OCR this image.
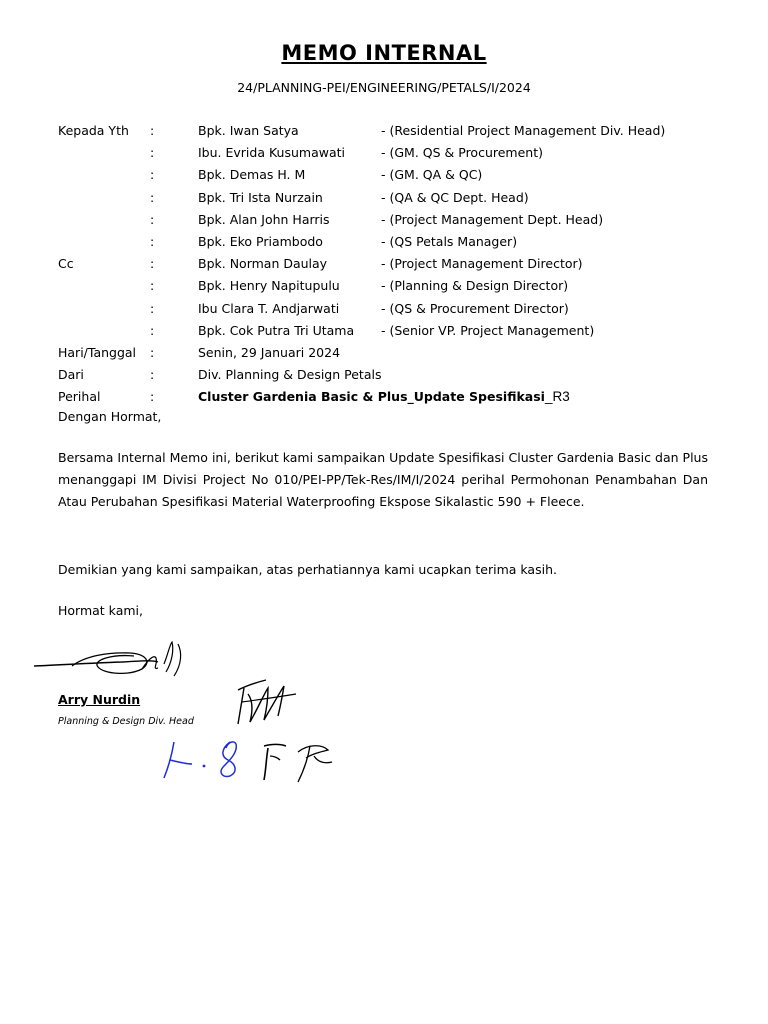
MEMO INTERNAL
24/PLANNING-PEI/ENGINEERING/PETALS/I/2024
Kepada Yth :	Bpk. Iwan Satya	- (Residential Project Management Div. Head)
:	Ibu. Evrida Kusumawati	- (GM. QS & Procurement)
:	Bpk. Demas H. M	- (GM. QA & QC)
:	Bpk. Tri Ista Nurzain	- (QA & QC Dept. Head)
:	Bpk. Alan John Harris	- (Project Management Dept. Head)
:	Bpk. Eko Priambodo	- (QS Petals Manager)
Cc	:	Bpk. Norman Daulay	- (Project Management Director)
:	Bpk. Henry Napitupulu	- (Planning & Design Director)
:	Ibu Clara T. Andjarwati	- (QS & Procurement Director)
:	Bpk. Cok Putra Tri Utama - (Senior VP. Project Management)
Hari/Tanggal :	Senin, 29 Januari 2024
Dari	:	Div. Planning & Design Petals
Perihal	:	Cluster Gardenia Basic & Plus_Update Spesifikasi_R3
Dengan Hormat,

Bersama Internal Memo ini, berikut kami sampaikan Update Spesifikasi Cluster Gardenia Basic dan Plus menanggapi IM Divisi Project No 010/PEI-PP/Tek-Res/IM/I/2024 perihal Permohonan Penambahan Dan Atau Perubahan Spesifikasi Material Waterproofing Ekspose Sikalastic 590 + Fleece.

Demikian yang kami sampaikan, atas perhatiannya kami ucapkan terima kasih.

Hormat kami,
Arry Nurdin
Planning & Design Div. Head
